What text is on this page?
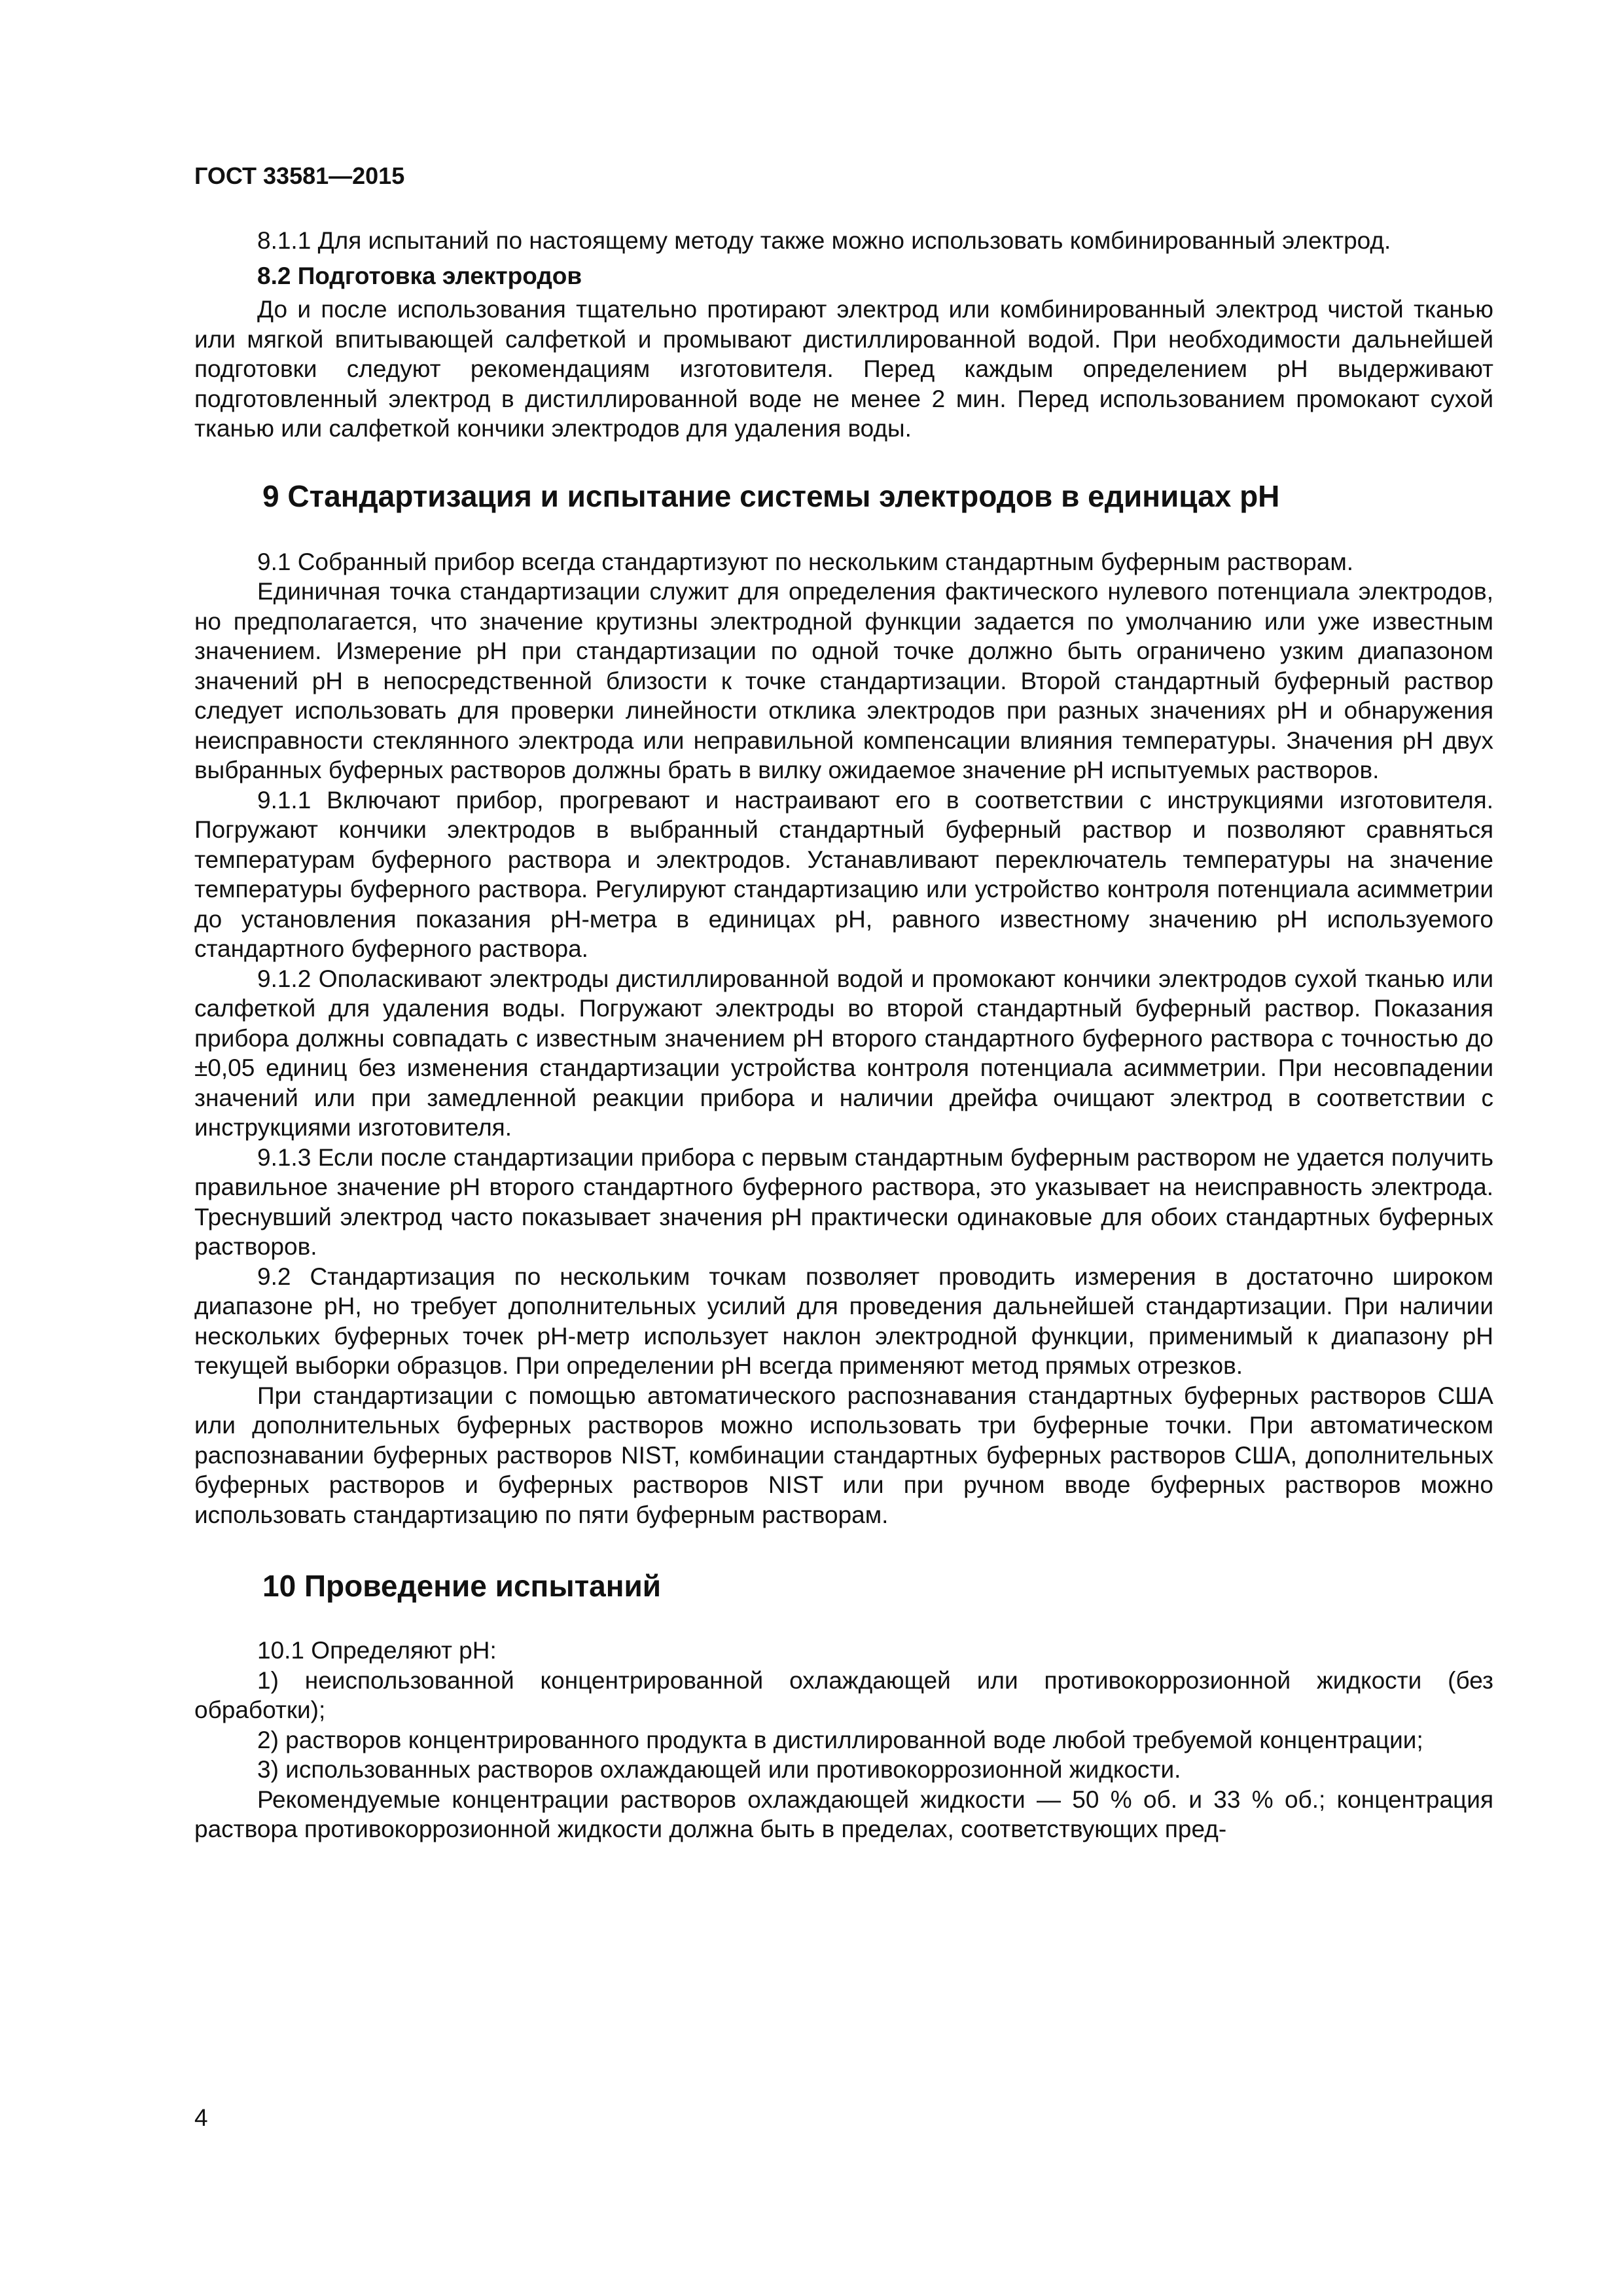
ГОСТ 33581—2015

8.1.1 Для испытаний по настоящему методу также можно использовать комбинированный электрод.

8.2 Подготовка электродов

До и после использования тщательно протирают электрод или комбинированный электрод чистой тканью или мягкой впитывающей салфеткой и промывают дистиллированной водой. При необходимости дальнейшей подготовки следуют рекомендациям изготовителя. Перед каждым определением pH выдерживают подготовленный электрод в дистиллированной воде не менее 2 мин. Перед использованием промокают сухой тканью или салфеткой кончики электродов для удаления воды.

9 Стандартизация и испытание системы электродов в единицах pH

9.1 Собранный прибор всегда стандартизуют по нескольким стандартным буферным растворам.

Единичная точка стандартизации служит для определения фактического нулевого потенциала электродов, но предполагается, что значение крутизны электродной функции задается по умолчанию или уже известным значением. Измерение pH при стандартизации по одной точке должно быть ограничено узким диапазоном значений pH в непосредственной близости к точке стандартизации. Второй стандартный буферный раствор следует использовать для проверки линейности отклика электродов при разных значениях pH и обнаружения неисправности стеклянного электрода или неправильной компенсации влияния температуры. Значения pH двух выбранных буферных растворов должны брать в вилку ожидаемое значение pH испытуемых растворов.

9.1.1 Включают прибор, прогревают и настраивают его в соответствии с инструкциями изготовителя. Погружают кончики электродов в выбранный стандартный буферный раствор и позволяют сравняться температурам буферного раствора и электродов. Устанавливают переключатель температуры на значение температуры буферного раствора. Регулируют стандартизацию или устройство контроля потенциала асимметрии до установления показания pH-метра в единицах pH, равного известному значению pH используемого стандартного буферного раствора.

9.1.2 Ополаскивают электроды дистиллированной водой и промокают кончики электродов сухой тканью или салфеткой для удаления воды. Погружают электроды во второй стандартный буферный раствор. Показания прибора должны совпадать с известным значением pH второго стандартного буферного раствора с точностью до ±0,05 единиц без изменения стандартизации устройства контроля потенциала асимметрии. При несовпадении значений или при замедленной реакции прибора и наличии дрейфа очищают электрод в соответствии с инструкциями изготовителя.

9.1.3 Если после стандартизации прибора с первым стандартным буферным раствором не удается получить правильное значение pH второго стандартного буферного раствора, это указывает на неисправность электрода. Треснувший электрод часто показывает значения pH практически одинаковые для обоих стандартных буферных растворов.

9.2 Стандартизация по нескольким точкам позволяет проводить измерения в достаточно широком диапазоне pH, но требует дополнительных усилий для проведения дальнейшей стандартизации. При наличии нескольких буферных точек pH-метр использует наклон электродной функции, применимый к диапазону pH текущей выборки образцов. При определении pH всегда применяют метод прямых отрезков.

При стандартизации с помощью автоматического распознавания стандартных буферных растворов США или дополнительных буферных растворов можно использовать три буферные точки. При автоматическом распознавании буферных растворов NIST, комбинации стандартных буферных растворов США, дополнительных буферных растворов и буферных растворов NIST или при ручном вводе буферных растворов можно использовать стандартизацию по пяти буферным растворам.

10 Проведение испытаний

10.1 Определяют pH:

1) неиспользованной концентрированной охлаждающей или противокоррозионной жидкости (без обработки);

2) растворов концентрированного продукта в дистиллированной воде любой требуемой концентрации;

3) использованных растворов охлаждающей или противокоррозионной жидкости.

Рекомендуемые концентрации растворов охлаждающей жидкости — 50 % об. и 33 % об.; концентрация раствора противокоррозионной жидкости должна быть в пределах, соответствующих пред-

4
